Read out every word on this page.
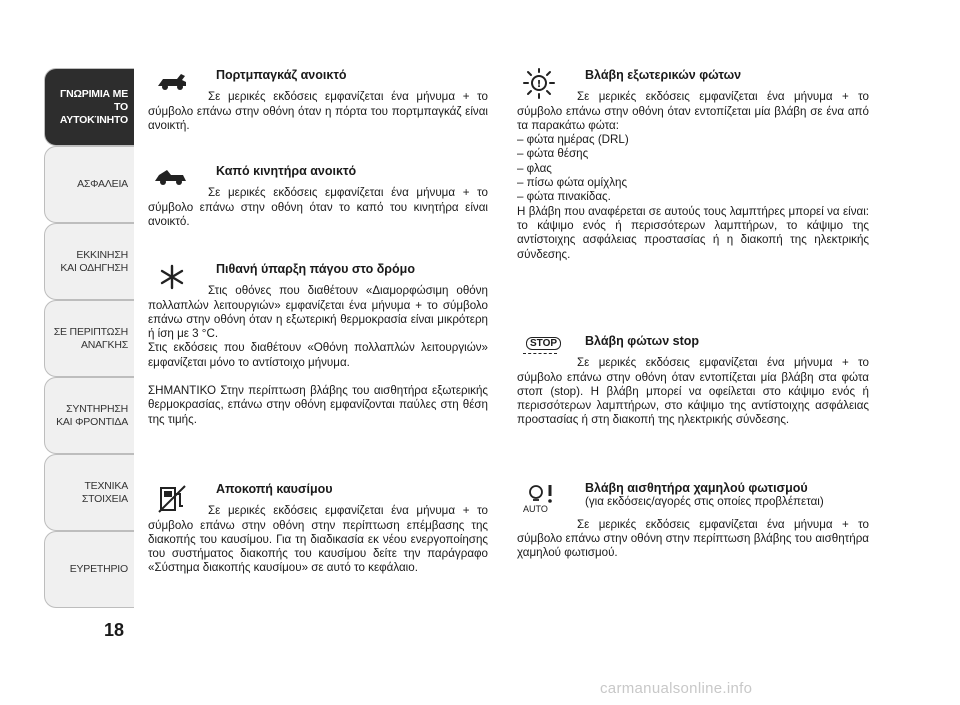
ΓΝΩΡΙΜΙΑ ΜΕ ΤΟ
ΑΥΤΟΚΊΝΗΤΟ
ΑΣΦΑΛΕΙΑ
ΕΚΚΙΝΗΣΗ
ΚΑΙ ΟΔΗΓΗΣΗ
ΣΕ ΠΕΡΙΠΤΩΣΗ
ΑΝΑΓΚΗΣ
ΣΥΝΤΗΡΗΣΗ
ΚΑΙ ΦΡΟΝΤΙΔΑ
ΤΕΧΝΙΚΑ
ΣΤΟΙΧΕΙΑ
ΕΥΡΕΤΗΡΙΟ
18
Πορτμπαγκάζ ανοικτό

Σε μερικές εκδόσεις εμφανίζεται ένα μήνυμα + το σύμβολο επάνω στην οθόνη όταν η πόρτα του πορτμπαγκάζ είναι ανοικτή.

Καπό κινητήρα ανοικτό

Σε μερικές εκδόσεις εμφανίζεται ένα μήνυμα + το σύμβολο επάνω στην οθόνη όταν το καπό του κινητήρα είναι ανοικτό.

Πιθανή ύπαρξη πάγου στο δρόμο

Στις οθόνες που διαθέτουν «Διαμορφώσιμη οθόνη πολλαπλών λειτουργιών» εμφανίζεται ένα μήνυμα + το σύμβολο επάνω στην οθόνη όταν η εξωτερική θερμοκρασία είναι μικρότερη ή ίση με 3 °C.

Στις εκδόσεις που διαθέτουν «Οθόνη πολλαπλών λειτουργιών» εμφανίζεται μόνο το αντίστοιχο μήνυμα.

ΣΗΜΑΝΤΙΚΟ Στην περίπτωση βλάβης του αισθητήρα εξωτερικής θερμοκρασίας, επάνω στην οθόνη εμφανίζονται παύλες στη θέση της τιμής.

Αποκοπή καυσίμου

Σε μερικές εκδόσεις εμφανίζεται ένα μήνυμα + το σύμβολο επάνω στην οθόνη στην περίπτωση επέμβασης της διακοπής του καυσίμου. Για τη διαδικασία εκ νέου ενεργοποίησης του συστήματος διακοπής του καυσίμου δείτε την παράγραφο «Σύστημα διακοπής καυσίμου» σε αυτό το κεφάλαιο.

!
Βλάβη εξωτερικών φώτων

Σε μερικές εκδόσεις εμφανίζεται ένα μήνυμα + το σύμβολο επάνω στην οθόνη όταν εντοπίζεται μία βλάβη σε ένα από τα παρακάτω φώτα:

– φώτα ημέρας (DRL)

– φώτα θέσης

– φλας

– πίσω φώτα ομίχλης

– φώτα πινακίδας.

Η βλάβη που αναφέρεται σε αυτούς τους λαμπτήρες μπορεί να είναι: το κάψιμο ενός ή περισσότερων λαμπτήρων, το κάψιμο της αντίστοιχης ασφάλειας προστασίας ή η διακοπή της ηλεκτρικής σύνδεσης.

STOP	Βλάβη φώτων stop

Σε μερικές εκδόσεις εμφανίζεται ένα μήνυμα + το σύμβολο επάνω στην οθόνη όταν εντοπίζεται μία βλάβη στα φώτα στοπ (stop). Η βλάβη μπορεί να οφείλεται στο κάψιμο ενός ή περισσότερων λαμπτήρων, στο κάψιμο της αντίστοιχης ασφάλειας προστασίας ή στη διακοπή της ηλεκτρικής σύνδεσης.

AUTO
Βλάβη αισθητήρα χαμηλού φωτισμού
(για εκδόσεις/αγορές στις οποίες προβλέπεται)

Σε μερικές εκδόσεις εμφανίζεται ένα μήνυμα + το σύμβολο επάνω στην οθόνη στην περίπτωση βλάβης του αισθητήρα χαμηλού φωτισμού.

carmanualsonline.info
